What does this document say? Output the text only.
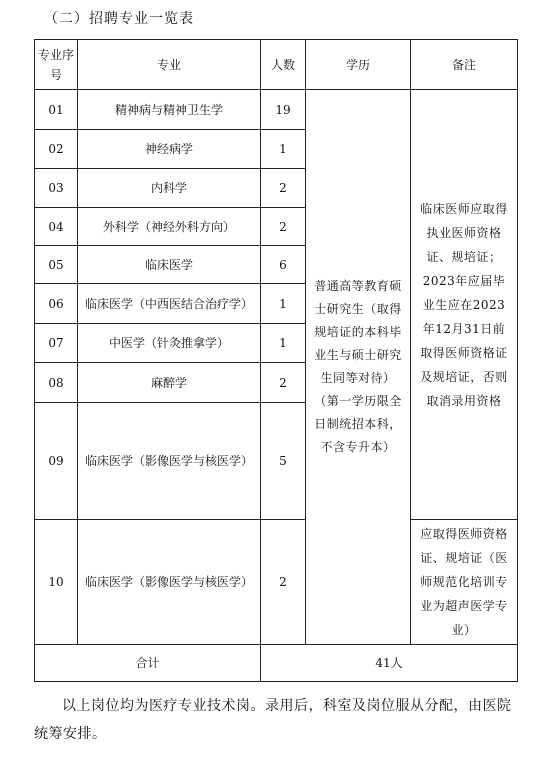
（二）招聘专业一览表
专业序号	专业	人数	学历	备注
01	精神病与精神卫生学	19	普通高等教育硕士研究生（取得规培证的本科毕业生与硕士研究生同等对待）（第一学历限全日制统招本科，不含专升本）	临床医师应取得执业医师资格证、规培证；2023年应届毕业生应在2023年12月31日前取得医师资格证及规培证，否则取消录用资格
02	神经病学	1		
03	内科学	2		
04	外科学（神经外科方向）	2		
05	临床医学	6		
06	临床医学（中西医结合治疗学）	1		
07	中医学（针灸推拿学）	1		
08	麻醉学	2		
09	临床医学（影像医学与核医学）	5		
10	临床医学（影像医学与核医学）	2		应取得医师资格证、规培证（医师规范化培训专业为超声医学专业）
合计		41人		
以上岗位均为医疗专业技术岗。录用后，科室及岗位服从分配，由医院统筹安排。
